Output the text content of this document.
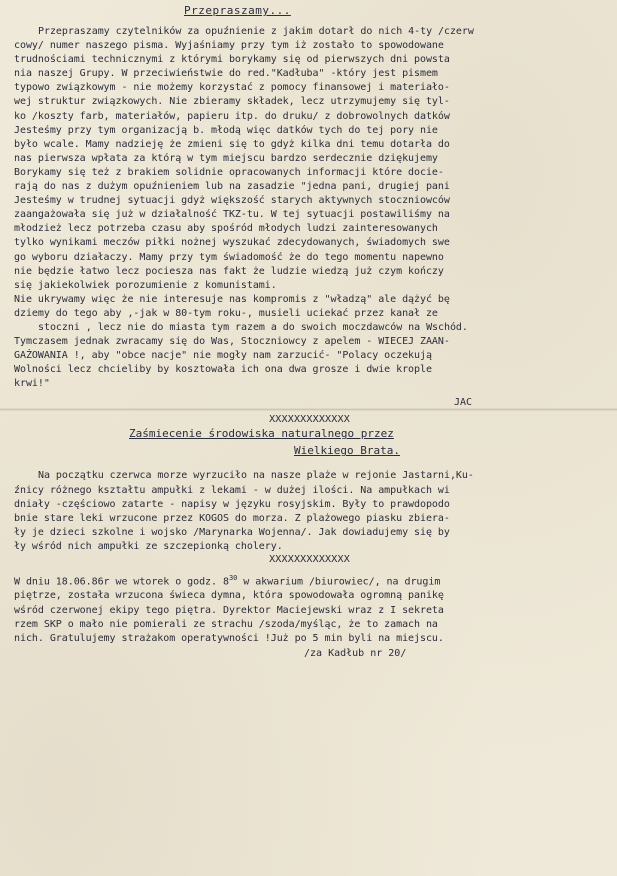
Przepraszamy...
Przepraszamy czytelników za opuźnienie z jakim dotarł do nich 4-ty /czerw
cowy/ numer naszego pisma. Wyjaśniamy przy tym iż zostało to spowodowane
trudnościami technicznymi z którymi borykamy się od pierwszych dni powsta
nia naszej Grupy. W przeciwieństwie do red."Kadłuba" -który jest pismem
typowo związkowym - nie możemy korzystać z pomocy finansowej i materiało-
wej struktur związkowych. Nie zbieramy składek, lecz utrzymujemy się tyl-
ko /koszty farb, materiałów, papieru itp. do druku/ z dobrowolnych datków
Jesteśmy przy tym organizacją b. młodą więc datków tych do tej pory nie
było wcale. Mamy nadzieję że zmieni się to gdyż kilka dni temu dotarła do
nas pierwsza wpłata za którą w tym miejscu bardzo serdecznie dziękujemy
Borykamy się też z brakiem solidnie opracowanych informacji które docie-
rają do nas z dużym opuźnieniem lub na zasadzie "jedna pani, drugiej pani
Jesteśmy w trudnej sytuacji gdyż większość starych aktywnych stoczniowców
zaangażowała się już w działalność TKZ-tu. W tej sytuacji postawiliśmy na
młodzież lecz potrzeba czasu aby spośród młodych ludzi zainteresowanych
tylko wynikami meczów piłki nożnej wyszukać zdecydowanych, świadomych swe
go wyboru działaczy. Mamy przy tym świadomość że do tego momentu napewno
nie będzie łatwo lecz pociesza nas fakt że ludzie wiedzą już czym kończy
się jakiekolwiek porozumienie z komunistami.
Nie ukrywamy więc że nie interesuje nas kompromis z "władzą" ale dążyć bę
dziemy do tego aby ,-jak w 80-tym roku-, musieli uciekać przez kanał ze
stoczni , lecz nie do miasta tym razem a do swoich moczdawców na Wschód.
Tymczasem jednak zwracamy się do Was, Stoczniowcy z apelem - WIECEJ ZAAN-
GAŻOWANIA !, aby "obce nacje" nie mogły nam zarzucić- "Polacy oczekują
Wolności lecz chcieliby by kosztowała ich ona dwa grosze i dwie krople
krwi!"
JAC
XXXXXXXXXXXXX
Zaśmiecenie środowiska naturalnego przez
Wielkiego Brata.
Na początku czerwca morze wyrzuciło na nasze plaże w rejonie Jastarni,Ku-
źnicy różnego kształtu ampułki z lekami - w dużej ilości. Na ampułkach wi
dniały -częściowo zatarte - napisy w języku rosyjskim. Były to prawdopodo
bnie stare leki wrzucone przez KOGOS do morza. Z plażowego piasku zbiera-
ły je dzieci szkolne i wojsko /Marynarka Wojenna/. Jak dowiadujemy się by
ły wśród nich ampułki ze szczepionką cholery.
XXXXXXXXXXXXX
W dniu 18.06.86r we wtorek o godz. $8^{30}$ w akwarium /biurowiec/, na drugim
piętrze, została wrzucona świeca dymna, która spowodowała ogromną panikę
wśród czerwonej ekipy tego piętra. Dyrektor Maciejewski wraz z I sekreta
rzem SKP o mało nie pomierali ze strachu /szoda/myśląc, że to zamach na
nich. Gratulujemy strażakom operatywności !Już po 5 min byli na miejscu.
/za Kadłub nr 20/
